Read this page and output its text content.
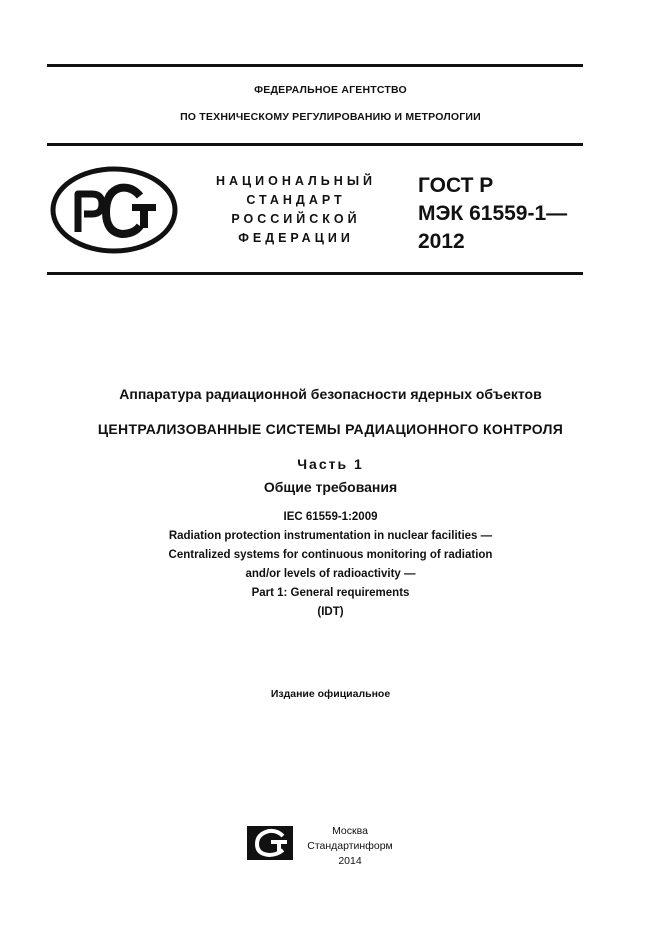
ФЕДЕРАЛЬНОЕ АГЕНТСТВО
ПО ТЕХНИЧЕСКОМУ РЕГУЛИРОВАНИЮ И МЕТРОЛОГИИ
НАЦИОНАЛЬНЫЙ
СТАНДАРТ
РОССИЙСКОЙ
ФЕДЕРАЦИИ
ГОСТ Р
МЭК 61559-1—
2012
Аппаратура радиационной безопасности ядерных объектов
ЦЕНТРАЛИЗОВАННЫЕ СИСТЕМЫ РАДИАЦИОННОГО КОНТРОЛЯ
Часть 1
Общие требования
IEC 61559-1:2009
Radiation protection instrumentation in nuclear facilities —
Centralized systems for continuous monitoring of radiation
and/or levels of radioactivity —
Part 1: General requirements
(IDT)
Издание официальное
Москва
Стандартинформ
2014
